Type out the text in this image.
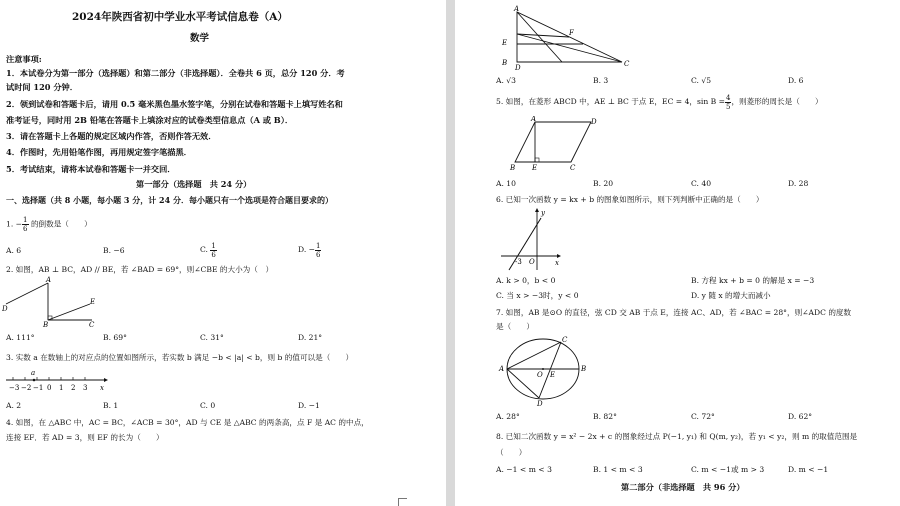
2024年陕西省初中学业水平考试信息卷（A）
数学
注意事项:
1．本试卷分为第一部分（选择题）和第二部分（非选择题）．全卷共 6 页，总分 120 分．考
试时间 120 分钟．
2．领到试卷和答题卡后，请用 0.5 毫米黑色墨水签字笔，分别在试卷和答题卡上填写姓名和
准考证号，同时用 2B 铅笔在答题卡上填涂对应的试卷类型信息点（A 或 B）．
3．请在答题卡上各题的规定区域内作答，否则作答无效．
4．作图时，先用铅笔作图，再用规定签字笔描黑．
5．考试结束，请将本试卷和答题卡一并交回．
第一部分（选择题　共 24 分）
一、选择题（共 8 小题，每小题 3 分，计 24 分．每小题只有一个选项是符合题目要求的）
1. − $\frac{1}{6}$ 的倒数是（　　）
A. 6	B. −6	C. $\frac{1}{6}$	D. − $\frac{1}{6}$
2. 如图，AB ⊥ BC，AD // BE，若 ∠BAD = 69°，则∠CBE 的大小为（　）
A
B	C
D
E
A. 111°	B. 69°	C. 31°	D. 21°
3. 实数 a 在数轴上的对应点的位置如图所示，若实数 b 满足 −b < |a| < b，则 b 的值可以是（　　）
a
−3 −2 −1 0 1 2 3 x
A. 2	B. 1	C. 0	D. −1
4. 如图，在 △ABC 中，AC = BC，∠ACB = 30°，AD 与 CE 是 △ABC 的两条高，点 F 是 AC 的中点，
连接 EF．若 AD = 3，则 EF 的长为（　　）
A
E
B
D
F
C
A. √3	B. 3	C. √5	D. 6
5. 如图，在菱形 ABCD 中，AE ⊥ BC 于点 E，EC = 4，$\sin B = \frac{4}{5}$ ，则菱形的周长是（　　）
A	D
B E	C
A. 10	B. 20	C. 40	D. 28
6. 已知一次函数 y = kx + b 的图象如图所示，则下列判断中正确的是（　　）
y
x
-3 O
A. k > 0，b < 0	B. 方程 kx + b = 0 的解是 x = −3
C. 当 x > −3时，y < 0	D. y 随 x 的增大而减小
7. 如图，AB 是⊙O 的直径，弦 CD 交 AB 于点 E，连接 AC、AD，若 ∠BAC = 28°，则∠ADC 的度数
是（　　）
A	B
C
D
E
O
A. 28°	B. 82°	C. 72°	D. 62°
8. 已知二次函数 y = x² − 2x + c 的图象经过点 P(−1, y₁) 和 Q(m, y₂)，若 y₁ < y₂，则 m 的取值范围是
（　　）
A. −1 < m < 3	B. 1 < m < 3	C. m < −1或 m > 3	D. m < −1
第二部分（非选择题　共 96 分）
